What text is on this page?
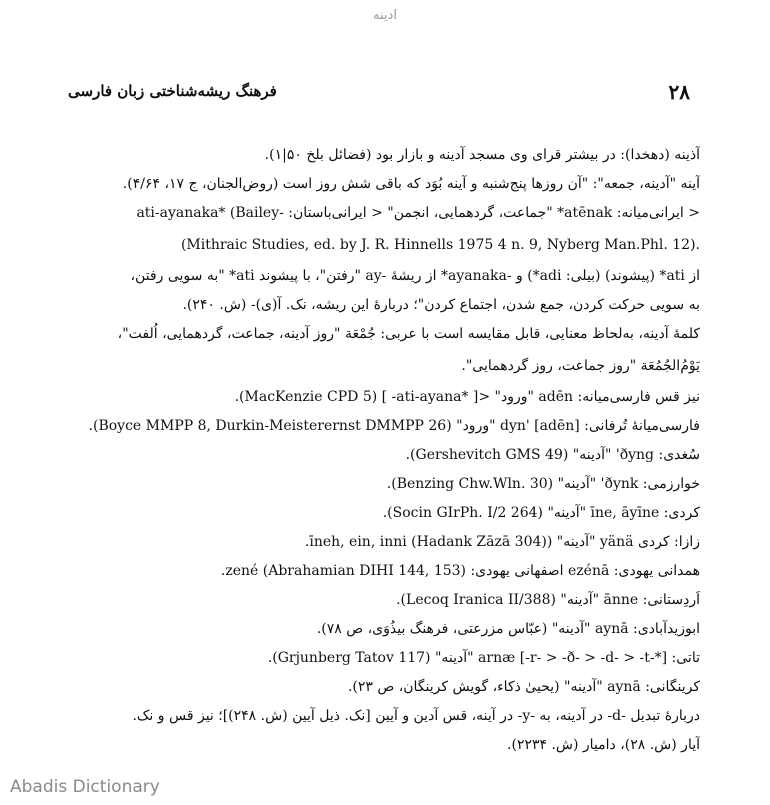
ادینه
۲۸
فرهنگ ریشه‌شناختی زبان فارسی
آذینه (دهخدا): در بیشتر قرای وی مسجد آدینه و بازار بود (فضائل بلخ ۵۰|۱).
آینه "آدینه، جمعه": "آن روزها پنج‌شنبه و آینه بُوَد که باقی شش روز است (روض‌الجنان، ج ۱۷، ۴/۶۴).
< ایرانی‌میانه: atēnak* "جماعت، گردهمایی، انجمن" < ایرانی‌باستان: -ati-ayanaka* (Bailey
(Mithraic Studies, ed. by J. R. Hinnells 1975 4 n. 9, Nyberg Man.Phl. 12).
از ati* (پیشوند) (بیلی: adi*) و -ayanaka* از ریشهٔ -ay "رفتن"، با پیشوند ati* "به سویی رفتن،
به سویی حرکت کردن، جمع شدن، اجتماع کردن"؛ دربارهٔ این ریشه، نک. آ(ی)- (ش. ۲۴۰).
کلمهٔ آدینه، به‌لحاظ معنایی، قابل مقایسه است با عربی: جُمْعَة "روز آدینه، جماعت، گردهمایی، اُلفت"،
یَوْمُ‌الجُمُعَة "روز جماعت، روز گردهمایی".
نیز قس فارسی‌میانه: adēn "ورود" <[ *ati-ayana- ] (MacKenzie CPD 5).
فارسی‌میانهٔ تُرفانی: dyn' [adēn] "ورود" (Boyce MMPP 8, Durkin-Meisterernst DMMPP 26).
سُغدی: ðyng' "آدینه" (Gershevitch GMS 49).
خوارزمی: ðynk' "آدینه" (Benzing Chw.Wln. 30).
کردی: īne, āyīne "آدینه" (Socin GIrPh. I/2 264).
زازا: کردی yänä "آدینه" (īneh, ein, inni (Hadank Zāzā 304).
همدانی یهودی: ezénā اصفهانی یهودی: zené (Abrahamian DIHI 144, 153).
اَردِستانی: ānne "آدینه" (Lecoq Iranica II/388).
ابوزیدآبادی: aynā "آدینه" (عبّاس مزرعتی، فرهنگ بیذُوَی، ص ۷۸).
تاتی: arnæ [-r- > -ð- > -d- > -t-*] "آدینه" (Grjunberg Tatov 117).
کرینگانی: aynā "آدینه" (یحییٰ ذکاء، گویش کرینگان، ص ۲۳).
دربارهٔ تبدیل -d- در آدینه، به -y- در آینه، قس آدین و آیین [نک. ذیل آیین (ش. ۲۴۸)]؛ نیز قس و نک.
آیار (ش. ۲۸)، دامیار (ش. ۲۲۳۴).
Abadis Dictionary
